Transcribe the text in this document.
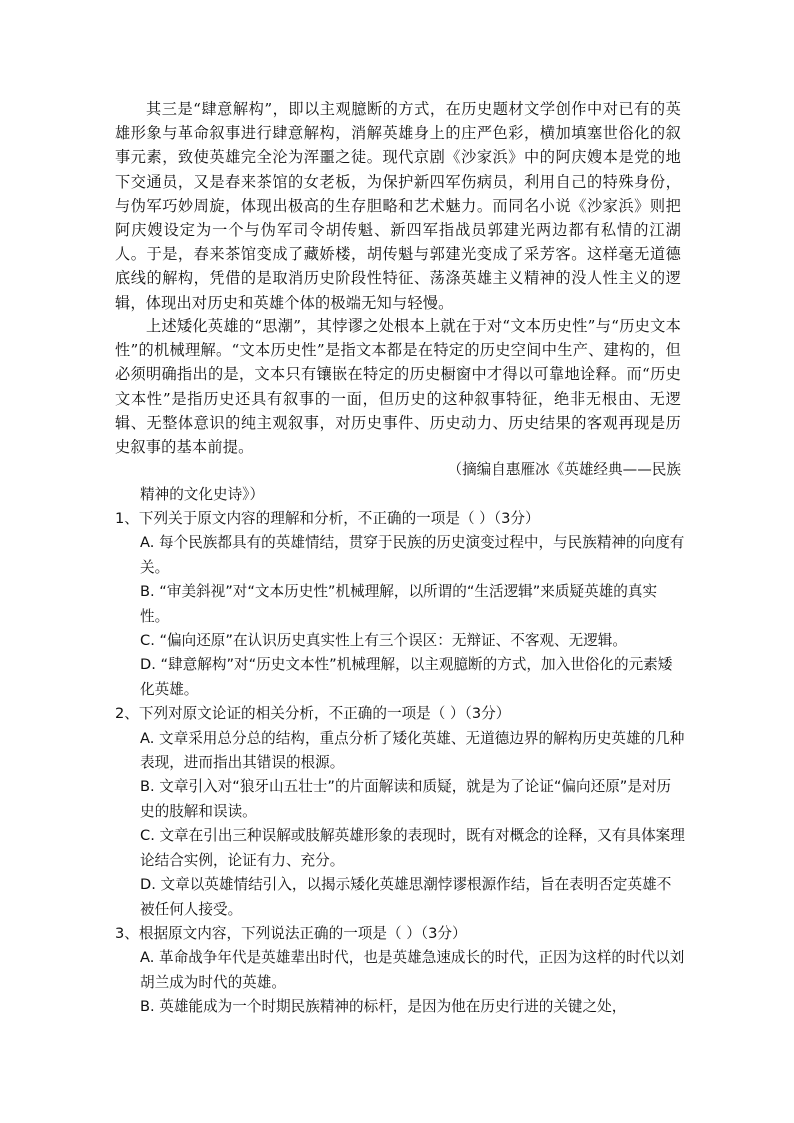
其三是“肆意解构”，即以主观臆断的方式，在历史题材文学创作中对已有的英雄形象与革命叙事进行肆意解构，消解英雄身上的庄严色彩，横加填塞世俗化的叙事元素，致使英雄完全沦为浑噩之徒。现代京剧《沙家浜》中的阿庆嫂本是党的地下交通员，又是春来茶馆的女老板，为保护新四军伤病员，利用自己的特殊身份，与伪军巧妙周旋，体现出极高的生存胆略和艺术魅力。而同名小说《沙家浜》则把阿庆嫂设定为一个与伪军司令胡传魁、新四军指战员郭建光两边都有私情的江湖人。于是，春来茶馆变成了藏娇楼，胡传魁与郭建光变成了采芳客。这样毫无道德底线的解构，凭借的是取消历史阶段性特征、荡涤英雄主义精神的没人性主义的逻辑，体现出对历史和英雄个体的极端无知与轻慢。
上述矮化英雄的“思潮”，其悖谬之处根本上就在于对“文本历史性”与“历史文本性”的机械理解。“文本历史性”是指文本都是在特定的历史空间中生产、建构的，但必须明确指出的是，文本只有镶嵌在特定的历史橱窗中才得以可靠地诠释。而“历史文本性”是指历史还具有叙事的一面，但历史的这种叙事特征，绝非无根由、无逻辑、无整体意识的纯主观叙事，对历史事件、历史动力、历史结果的客观再现是历史叙事的基本前提。
（摘编自惠雁冰《英雄经典——民族
精神的文化史诗》）
1、下列关于原文内容的理解和分析，不正确的一项是（ ）（3分）
A. 每个民族都具有的英雄情结，贯穿于民族的历史演变过程中，与民族精神的向度有关。
B. “审美斜视”对“文本历史性”机械理解，以所谓的“生活逻辑”来质疑英雄的真实性。
C. “偏向还原”在认识历史真实性上有三个误区：无辩证、不客观、无逻辑。
D. “肆意解构”对“历史文本性”机械理解，以主观臆断的方式，加入世俗化的元素矮化英雄。
2、下列对原文论证的相关分析，不正确的一项是（ ）（3分）
A. 文章采用总分总的结构，重点分析了矮化英雄、无道德边界的解构历史英雄的几种表现，进而指出其错误的根源。
B. 文章引入对“狼牙山五壮士”的片面解读和质疑，就是为了论证“偏向还原”是对历史的肢解和误读。
C. 文章在引出三种误解或肢解英雄形象的表现时，既有对概念的诠释，又有具体案理论结合实例，论证有力、充分。
D. 文章以英雄情结引入，以揭示矮化英雄思潮悖谬根源作结，旨在表明否定英雄不被任何人接受。
3、根据原文内容，下列说法正确的一项是（ ）（3分）
A. 革命战争年代是英雄辈出时代，也是英雄急速成长的时代，正因为这样的时代以刘胡兰成为时代的英雄。
B. 英雄能成为一个时期民族精神的标杆，是因为他在历史行进的关键之处，
